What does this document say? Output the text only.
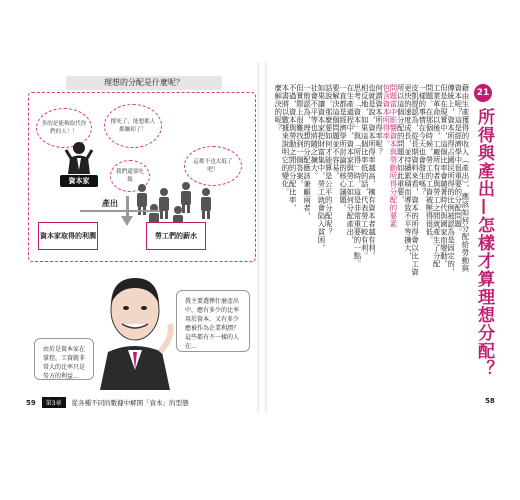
理想的分配是什麼呢？
多的是能夠取代你們的人！！
撐死了，能想都人都賺掉了！
這都不也太低了吧！
我們還要吃飯
資本家
產出
資本家取得的利潤	勞工們的薪水
我主要選擇什麼產出中，應有多少的比率用於資本，又有多少應被作為企業利潤？這些都有不一樣的人在…
由於是資本家在掌控，工資就非常大的比率只是勞方的利益…
59	第3章	從各種不同的數據中解開「資本」的型態
21
所得與產出—怎樣才算理想分配？
藉由生產獲得的收入（產出），應該如何分配給勞動與
資本呢？這是經濟學中很重要的分配問題。
傳統上，資本所得占國民所得的比例被認為是固定的，
但是在現實中，這個比率會隨著時代與國家而變動。
工業革命以後，工廠所有者與勞工之間就產生了分配
問題。在那個時候，勞工的工資被壓得很低。
一樣的事情在今天也會發生嗎？
皮凱提認為，從長期資料來看，資本的所得會以比工資
更快的速度成長，並持續累積而導致不平等擴大，
所以這個分配的問題才如此重要。
問題當中影響資本與勞動所得分配的要素
包含資本所得率。
何謂資本所得率呢？
也就是說，資本所得率越高，擁有資本者越有利。
相反地，如果這個比率低的話，代表勞工較有利。
思考「資本」與「所得」時，這是非常重要的一點。
在生產過程中，資本家與勞工如何分配產出，
一直都是經濟學所討論的核心議題。
要解決這個問題並不容易。
話說，那麼要如何才能算是公平的分配呢？
如果讓資本家把財富集中，勞工就會陷入貧困，
社會不平等也將隨之擴大。
一般認為，理想的分配應該兼顧兩者，
但實際上很難找到一個答案。
不過，資本與勞動之間的分配比率，
本書將以數據來說明它的變化。
麼解決的呢？
58
